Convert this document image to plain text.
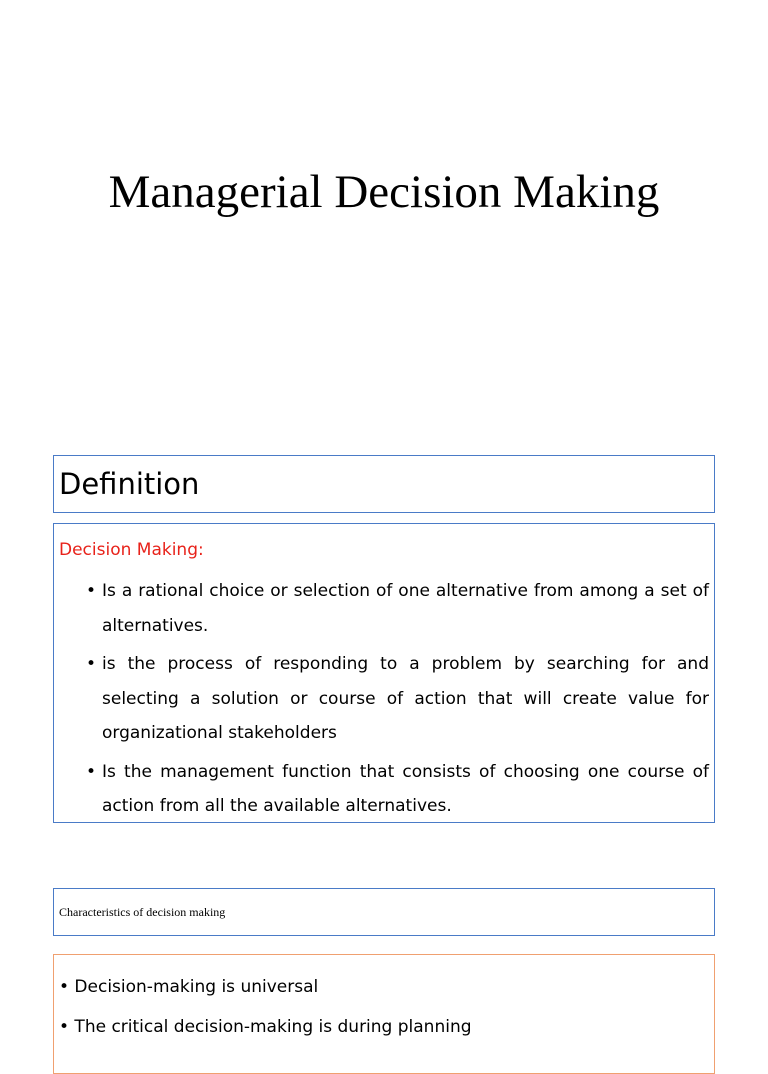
Managerial Decision Making
Definition
Decision Making:
• Is a rational choice or selection of one alternative from among a set of alternatives.
• is the process of responding to a problem by searching for and selecting a solution or course of action that will create value for organizational stakeholders
• Is the management function that consists of choosing one course of action from all the available alternatives.
Characteristics of decision making
• Decision-making is universal
• The critical decision-making is during planning
